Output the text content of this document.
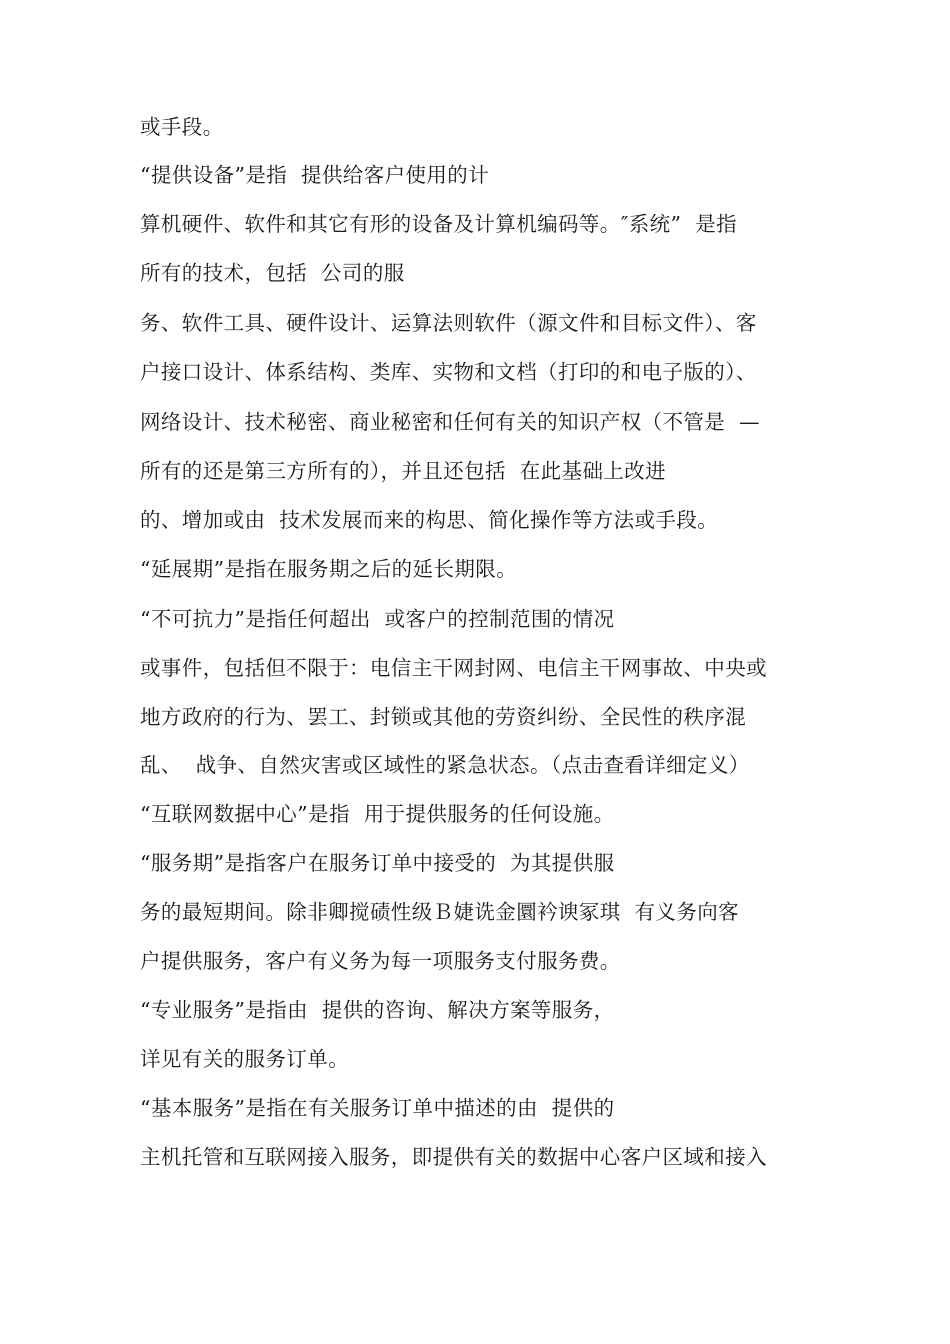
或手段。

“提供设备”是指  提供给客户使用的计

算机硬件、软件和其它有形的设备及计算机编码等。″系统”  是指

所有的技术，包括  公司的服

务、软件工具、硬件设计、运算法则软件（源文件和目标文件）、客

户接口设计、体系结构、类库、实物和文档（打印的和电子版的）、

网络设计、技术秘密、商业秘密和任何有关的知识产权（不管是  —

所有的还是第三方所有的），并且还包括  在此基础上改进

的、增加或由  技术发展而来的构思、简化操作等方法或手段。

“延展期”是指在服务期之后的延长期限。

“不可抗力”是指任何超出  或客户的控制范围的情况

或事件，包括但不限于：电信主干网封网、电信主干网事故、中央或

地方政府的行为、罢工、封锁或其他的劳资纠纷、全民性的秩序混

乱、  战争、自然灾害或区域性的紧急状态。（点击查看详细定义）

“互联网数据中心”是指  用于提供服务的任何设施。

“服务期”是指客户在服务订单中接受的  为其提供服

务的最短期间。除非卿搅碛性级Ｂ婕诜金圜衿谀冢琪  有义务向客

户提供服务，客户有义务为每一项服务支付服务费。

“专业服务”是指由  提供的咨询、解决方案等服务，

详见有关的服务订单。

“基本服务”是指在有关服务订单中描述的由  提供的

主机托管和互联网接入服务，即提供有关的数据中心客户区域和接入
